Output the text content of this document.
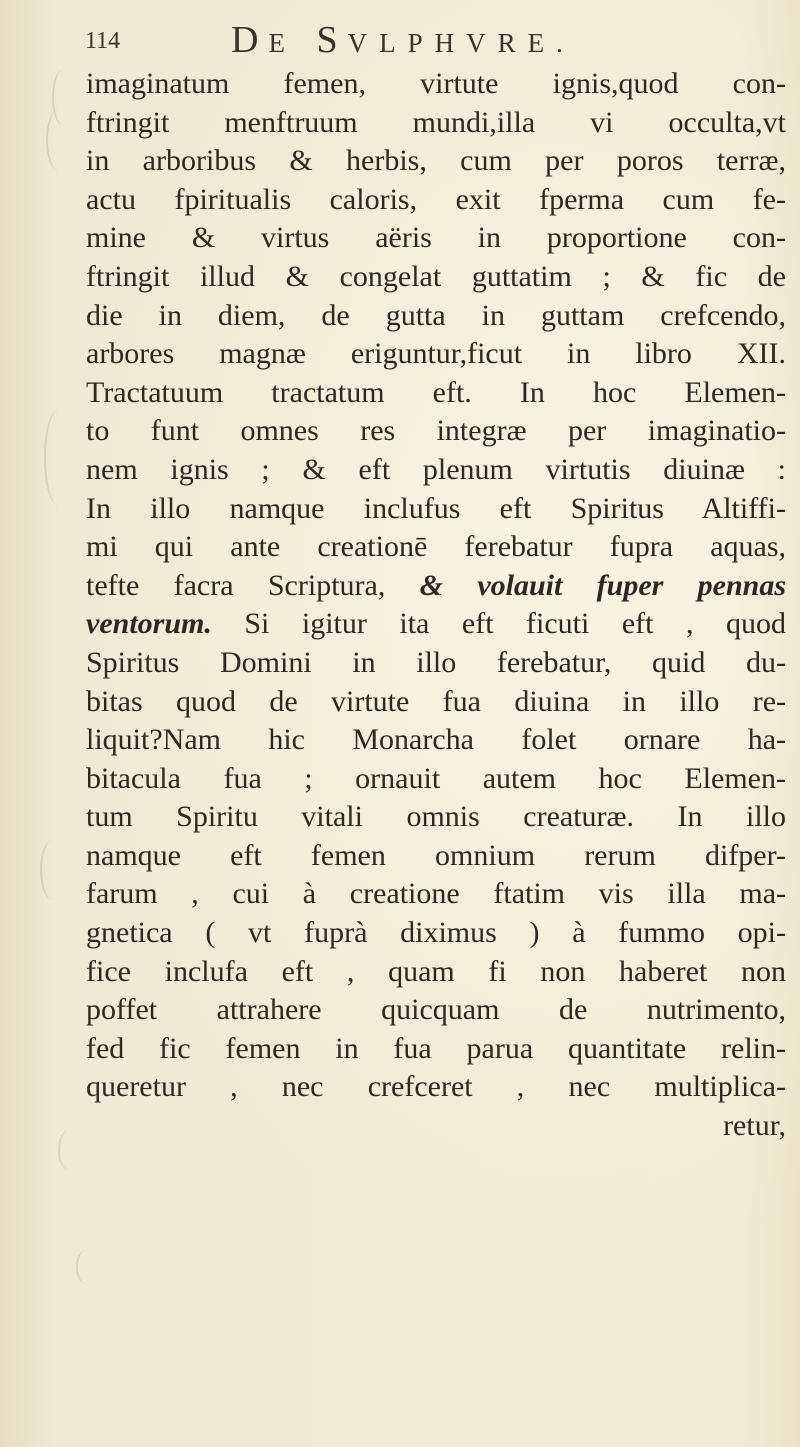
114	DE SVLPHVRE.
imaginatum femen, virtute ignis,quod con-
ftringit menftruum mundi,illa vi occulta,vt
in arboribus & herbis, cum per poros terræ,
actu fpiritualis caloris, exit fperma cum fe-
mine & virtus aëris in proportione con-
ftringit illud & congelat guttatim ; & fic de
die in diem, de gutta in guttam crefcendo,
arbores magnæ eriguntur,ficut in libro XII.
Tractatuum tractatum eft. In hoc Elemen-
to funt omnes res integræ per imaginatio-
nem ignis ; & eft plenum virtutis diuinæ :
In illo namque inclufus eft Spiritus Altiffi-
mi qui ante creationē ferebatur fupra aquas,
tefte facra Scriptura, & volauit fuper pennas
ventorum. Si igitur ita eft ficuti eft , quod
Spiritus Domini in illo ferebatur, quid du-
bitas quod de virtute fua diuina in illo re-
liquit?Nam hic Monarcha folet ornare ha-
bitacula fua ; ornauit autem hoc Elemen-
tum Spiritu vitali omnis creaturæ. In illo
namque eft femen omnium rerum difper-
farum , cui à creatione ftatim vis illa ma-
gnetica ( vt fuprà diximus ) à fummo opi-
fice inclufa eft , quam fi non haberet non
poffet attrahere quicquam de nutrimento,
fed fic femen in fua parua quantitate relin-
queretur , nec crefceret , nec multiplica-
retur,
